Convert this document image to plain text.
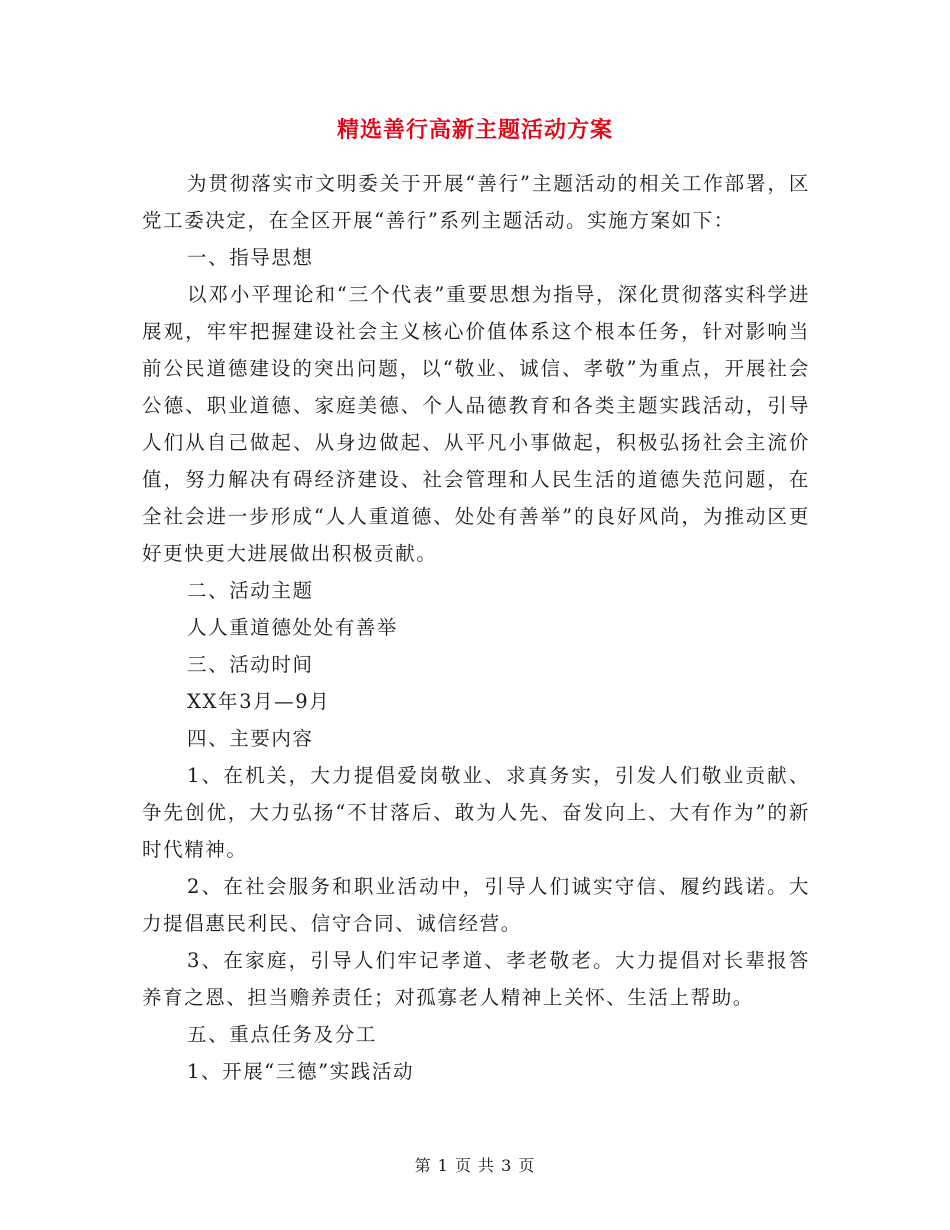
精选善行高新主题活动方案

为贯彻落实市文明委关于开展“善行”主题活动的相关工作部署，区党工委决定，在全区开展“善行”系列主题活动。实施方案如下：

一、指导思想

以邓小平理论和“三个代表”重要思想为指导，深化贯彻落实科学进展观，牢牢把握建设社会主义核心价值体系这个根本任务，针对影响当前公民道德建设的突出问题，以“敬业、诚信、孝敬”为重点，开展社会公德、职业道德、家庭美德、个人品德教育和各类主题实践活动，引导人们从自己做起、从身边做起、从平凡小事做起，积极弘扬社会主流价值，努力解决有碍经济建设、社会管理和人民生活的道德失范问题，在全社会进一步形成“人人重道德、处处有善举”的良好风尚，为推动区更好更快更大进展做出积极贡献。

二、活动主题

人人重道德处处有善举

三、活动时间

XX年3月—9月

四、主要内容

1、在机关，大力提倡爱岗敬业、求真务实，引发人们敬业贡献、争先创优，大力弘扬“不甘落后、敢为人先、奋发向上、大有作为”的新时代精神。

2、在社会服务和职业活动中，引导人们诚实守信、履约践诺。大力提倡惠民利民、信守合同、诚信经营。

3、在家庭，引导人们牢记孝道、孝老敬老。大力提倡对长辈报答养育之恩、担当赡养责任；对孤寡老人精神上关怀、生活上帮助。

五、重点任务及分工

1、开展“三德”实践活动

第 1 页 共 3 页
